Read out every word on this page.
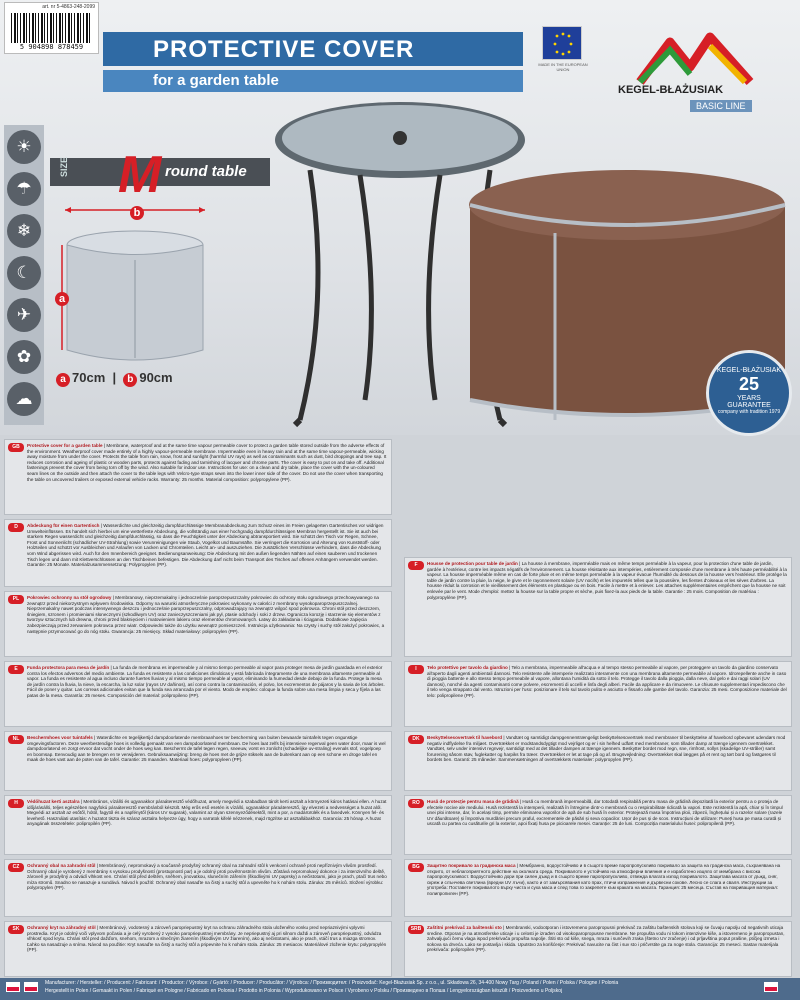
art. nr 5-4863-248-2099
5 904898 878459	PROTECTIVE COVER
for a garden table
MADE IN THE EUROPEAN UNION
KEGEL-BŁAŻUSIAK
BASIC LINE
☀
☂
❄
☾
✈
✿
☁
SIZE M round table
b
a
a 70cm  |  b 90cm	KEGEL-BŁAŻUSIAK
25
YEARS
GUARANTEE
company with tradition 1979
GB	Protective cover for a garden table | Membrane, waterproof and at the same time vapour permeable cover to protect a garden table stored outside from the adverse effects of the environment. Weatherproof cover made entirely of a highly vapour-permeable membrane. Impermeable even in heavy rain and at the same time vapour-permeable, wicking away moisture from under the cover. Protects the table from rain, snow, frost and sunlight (harmful UV rays) as well as contaminants such as dust, bird droppings and tree sap. It reduces corrosion and ageing of plastic or wooden parts, protects against fading and tarnishing of lacquer and chrome parts. The cover is easy to put on and take off. Additional fastenings prevent the cover from being torn off by the wind. Also suitable for indoor use. Instructions for use: on a clean and dry table, place the cover with the un-coloured seam lines on the outside and then attach the cover to the table legs with Velcro-type straps sewn into the lower inner side of the cover. Do not use the cover when transporting the table on uncovered trailers or exposed external vehicle racks. Warranty: 25 months. Material composition: polypropylene (PP).
D	Abdeckung für einen Gartentisch | Wasserdichte und gleichzeitig dampfdurchlässige Membranabdeckung zum Schutz eines im Freien gelagerten Gartentisches vor widrigen Umwelteinflüssen. Es handelt sich hierbei um eine wetterfeste Abdeckung, die vollständig aus einer hochgradig dampfdurchlässigen Membran hergestellt ist. Sie ist auch bei starkem Regen wasserdicht und gleichzeitig dampfdurchlässig, so dass die Feuchtigkeit unter der Abdeckung abtransportiert wird. Sie schützt den Tisch vor Regen, Schnee, Frost und Sonnenlicht (schädlicher UV-Strahlung) sowie Verunreinigungen wie Staub, Vogelkot und Baumsäfte. Sie verringert die Korrosion und Alterung von Kunststoff- oder Holzteilen und schützt vor Ausbleichen und Anlaufen von Lacken und Chromteilen. Leicht an- und auszuziehen. Die zusätzlichen Verschlüsse verhindern, dass die Abdeckung vom Wind abgerissen wird. Auch für den Innenbereich geeignet. Bedienungsanweisung: Die Abdeckung mit den außen liegenden Nähten auf einen sauberen und trockenen Tisch legen und dann mit Klettverschlüssen an den Tischbeinen befestigen. Die Abdeckung darf nicht beim Transport des Tisches auf offenen Anhängern verwendet werden. Garantie: 25 Monate. Materialzusammensetzung: Polypropylen (PP).
PL	Pokrowiec ochronny na stół ogrodowy | Membranowy, nieprzemakalny i jednocześnie paroprzepuszczalny pokrowiec do ochrony stołu ogrodowego przechowywanego na zewnątrz przed niekorzystnym wpływem środowiska. Odporny na warunki atmosferyczne pokrowiec wykonany w całości z membrany wysokoparoprzepuszczalnej. Nieprzemakalny nawet podczas intensywnego deszczu i jednocześnie paroprzepuszczalny, odprowadzający na zewnątrz wilgoć spod pokrowca. Chroni stół przed deszczem, śniegiem, szronem i promieniami słonecznymi (szkodliwym UV) oraz zanieczyszczeniami jak pył, ptasie odchody i soki z drzew. Ogranicza korozję i starzenie się elementów z tworzyw sztucznych lub drewna, chroni przed blaknięciem i matowieniem lakieru oraz elementów chromowanych. Łatwy do zakładania i ściągania. Dodatkowe zapięcia zabezpieczają przed zerwaniem pokrowca przez wiatr. Odpowiedni także do użytku wewnątrz pomieszczeń. Instrukcja użytkowania: Na czysty i suchy stół założyć pokrowiec, a następnie przymocować go do nóg stołu. Gwarancja: 25 miesięcy. Skład materiałowy: polipropylen (PP).
F	Housse de protection pour table de jardin | La housse à membrane, imperméable mais en même temps perméable à la vapeur, pour la protection d'une table de jardin, gardée à l'extérieur, contre les impacts négatifs de l'environnement. La housse résistante aux intempéries, entièrement composée d'une membrane à très haute perméabilité à la vapeur. La housse imperméable même en cas de forte pluie et en même temps perméable à la vapeur évacue l'humidité du dessous de la housse vers l'extérieur. Elle protège la table de jardin contre la pluie, la neige, le givre et le rayonnement solaire (UV nocifs) et les impuretés telles que la poussière, les fientes d'oiseaux et les sèves d'arbres. La housse réduit la corrosion et le vieillissement des éléments en plastique ou en bois. Facile à mettre et à enlever. Les attaches supplémentaires empêchent que la housse ne soit enlevée par le vent. Mode d'emploi: mettez la housse sur la table propre et sèche, puis fixez-la aux pieds de la table. Garantie : 25 mois. Composition de matériau : polypropylène (PP).
E	Funda protectora para mesa de jardín | La funda de membrana es impermeable y al mismo tiempo permeable al vapor para proteger mesa de jardín guardada en el exterior contra los efectos adversos del medio ambiente. La funda es resistente a las condiciones climáticas y está fabricada íntegramente de una membrana altamente permeable al vapor. La funda es resistente al agua incluso durante fuertes lluvias y al mismo tiempo permeable al vapor, eliminando la humedad desde debajo de la funda. Protege la mesa de jardín contra la lluvia, la nieve, la escarcha, la luz solar (rayos UV dañinos), así como contra la contaminación, el polvo, los excrementos de pájaros y la savia de los árboles. Fácil de poner y quitar. Las correas adicionales evitan que la funda sea arrancada por el viento. Modo de empleo: coloque la funda sobre una mesa limpia y seca y fíjela a las patas de la mesa. Garantía: 25 meses. Composición del material: polipropileno (PP).
I	Telo protettivo per tavolo da giardino | Telo a membrana, impermeabile all'acqua e al tempo stesso permeabile al vapore, per proteggere un tavolo da giardino conservato all'aperto dagli agenti ambientali dannosi. Telo resistente alle intemperie realizzato interamente con una membrana altamente permeabile al vapore. Idrorepellente anche in caso di pioggia battente e allo stesso tempo permeabile al vapore, allontana l'umidità da sotto il telo. Protegge il tavolo dalla pioggia, dalla neve, dal gelo e dai raggi solari (UV dannosi), nonché da agenti contaminanti come polvere, escrementi di uccelli e linfa degli alberi. Facile da applicare e da rimuovere. Le chiusure supplementari impediscono che il telo venga strappato dal vento. Istruzioni per l'uso: posizionare il telo sul tavolo pulito e asciutto e fissarlo alle gambe del tavolo. Garanzia: 25 mesi. Composizione materiale del telo: polipropilene (PP).
NL	Beschermhoes voor tuintafels | Waterdichte en tegelijkertijd dampdoorlatende membraanhoes ter bescherming van buiten bewaarde tuintafels tegen ongunstige omgevingsfactoren. Deze weerbestendige hoes is volledig gemaakt van een dampdoorlatend membraan. De hoes laat zelfs bij intensieve regenval geen water door, maar is wel dampdoorlatend en zorgt ervoor dat vocht onder de hoes weg kan. Beschermt de tafel tegen regen, sneeuw, vorst en zonlicht (schadelijke uv-straling) evenals stof, vogelpoep en boomsap. Eenvoudig aan te brengen en te verwijderen. Gebruiksaanwijzing: breng de hoes met de grijze stiksels aan de buitenkant aan op een schone en droge tafel en maak de hoes vast aan de poten van de tafel. Garantie: 25 maanden. Materiaal hoes: polypropyleen (PP).
DK	Beskyttelsesovertræk til havebord | Vandtæt og samtidigt dampgennemtrængeligt beskyttelsesovertræk med membraner til beskyttelse af havebord opbevaret udendørs mod negativ indflydelse fra miljøet. Overtrækket er modstandsdygtigt mod vejrliget og er i sin helhed udført med membraner, som tillader damp at trænge igennem overtrækket. Vandtæt, selv under intensivt regnvejr, samtidigt med at det tillader dampen at trænge igennem. Beskytter bordet mod regn, sne, rimfrost, sollys (skadelige UV-stråler) samt forurening såsom støv, fuglekatter og harpiks fra træer. Overtrækket er let at tage på og af. Brugsvejledning: Overtrækket skal lægges på et rent og tørt bord og fastgøres til bordets ben. Garanti: 25 måneder. Sammensætningen af overtrækkets materialer: polypropylen (PP).
H	Védőhuzat kerti asztalra | Membrános, vízálló és ugyanakkor páraáteresztő védőhuzat, amely megvédi a szabadban tárolt kerti asztalt a környezeti káros hatásai ellen. A huzat időjárásálló, teljes egészében nagyfokú páraáteresztő membránból készült. Még erős eső esetén is vízálló, ugyanakkor páraáteresztő, így elvezeti a nedvességet a huzat alól. Megvédi az asztalt az esőtől, hótól, fagytól és a napfénytől (káros UV sugarak), valamint az olyan szennyeződésektől, mint a por, a madárürülék és a fanedvek. Könnyen fel- és levehető. Használati utasítás: A huzatot tiszta és száraz asztalra helyezze úgy, hogy a varratok kifelé nézzenek, majd rögzítse az asztallábakhoz. Garancia: 25 hónap. A huzat anyagának összetétele: polipropilén (PP).
RO	Husă de protecție pentru masa de grădină | Husă cu membrană impermeabilă, dar totodată respirabilă pentru masa de grădină depozitată la exterior pentru a o proteja de efectele nocive ale mediului. Husă rezistentă la intemperii, realizată în întregime dintr-o membrană cu o respirabilitate ridicată la vapori. Este rezistentă la apă, chiar și în timpul unei ploi intense, dar, în același timp, permite eliminarea vaporilor de apă de sub husă în exterior. Protejează masa împotriva ploii, zăpezii, înghețului și a razelor solare (razele UV dăunătoare) și împotriva murdăriei precum praful, excrementele de păsări și seva copacilor. Ușor de pus și de scos. Instrucțiuni de utilizare: Puneți husa pe masa curată și uscată cu partea cu cusăturile gri la exterior, apoi fixați husa pe picioarele mesei. Garanție: 25 de luni. Compoziția materialului husei: polipropilenă (PP).
CZ	Ochranný obal na zahradní stůl | Membránový, nepromokavý a současně prodyšný ochranný obal na zahradní stůl k venkovní ochraně proti nepříznivým vlivům prostředí. Ochranný obal je vyrobený z membrány s vysokou prodyšností (prostupností par) a je odolný proti povětrnostním vlivům. Zůstává nepromokavý dokonce i za intenzivního deště, zároveň je prodyšný a odvádí vlhkost ven. Chrání stůl před deštěm, sněhem, jinovatkou, slunečním zářením (škodlivými UV paprsky) a nečistotami, jako je prach, ptačí trus nebo míza stromů. Snadno se nasazuje a sundává. Návod k použití: Ochranný obal nasaďte na čistý a suchý stůl a upevněte ho k nohám stolu. Záruka: 25 měsíců. Složení výrobku: polypropylen (PP).
BG	Защитно покривало за градинска маса | Мембранно, водоустойчиво и в същото време паропропускливо покривало за защита на градинска маса, съхранявана на открито, от неблагоприятното действие на околната среда. Покривалото е устойчиво на атмосферни влияния и е изработено изцяло от мембрана с висока паропропускливост. Водоустойчиво дори при силен дъжд и в същото време паропропускливо, отвежда влагата изпод покривалото. Защитава масата от дъжд, сняг, скреж и слънчева светлина (вредни UV лъчи), както и от замърсявания като прах, птичи изпражнения и дървесни сокове. Лесно се слага и сваля. Инструкции за употреба: Поставете покривалото върху чиста и суха маса и след това го закрепете към краката на масата. Гаранция: 25 месеца. Състав на покриващия материал: полипропилен (PP).
SK	Ochranný kryt na záhradný stôl | Membránový, vodotesný a zároveň paropriepustný kryt na ochranu záhradného stola uloženého vonku pred nepriaznivými vplyvmi prostredia. Kryt je odolný voči vplyvom počasia a je celý vyrobený z vysoko paropriepustnej membrány. Je nepriepustný aj pri silnom daždi a zároveň paropriepustný, odvádza vlhkosť spod krytu. Chráni stôl pred dažďom, snehom, mrazom a slnečným žiarením (škodlivým UV žiarením), ako aj nečistotami, ako je prach, vtáčí trus a miazga stromov. Ľahko sa nasadzuje a sníma. Návod na použitie: Kryt nasaďte na čistý a suchý stôl a pripevnite ho k nohám stola. Záruka: 25 mesiacov. Materiálové zloženie krytu: polypropylén (PP).
SRB	Zaštitni prekrivač za baštenski sto | Membranski, vodootporan i istovremeno paropropusni prekrivač za zaštitu baštenskih stolova koji se čuvaju napolju od negativnih uticaja sredine. Otporan je na atmosferske uticaje i u celosti je izrađen od visokoparopropusne membrane. Ne propušta vodu ni tokom intenzivne kiše, a istovremeno je paropropustan, zahvaljujući čemu vlaga ispod prekrivača propušta napolje. Štiti sto od kiše, snega, mraza i sunčevih zraka (štetno UV zračenje) i od prljavština poput prašine, ptičjeg izmeta i sokova sa drveća. Lako se postavlja i skida. Uputstvo za korišćenje: Prekrivač navucite na čist i suv sto i pričvrstite ga za noge stola. Garancija: 25 meseci. Sastav materijala prekrivača: polipropilen (PP).
Manufacturer: / Hersteller: / Producent: / Fabricant: / Productor: / Výrobce: / Gyártó: / Producer: / Producător: / Výrobca: / Производител: / Proizvođač: Kegel-Błażusiak Sp. z o.o., ul. Składowa 26, 34-400 Nowy Targ / Poland / Polen / Polska / Pologne / Polonia
Hergestellt in Polen / Gemaakt in Polen / Fabriqué en Pologne / Fabricado en Polonia / Prodotto in Polonia / Wyprodukowano w Polsce / Vyrobeno v Polsku / Произведено в Полша / Lengyelországban készült / Proizvedeno u Poljskoj
